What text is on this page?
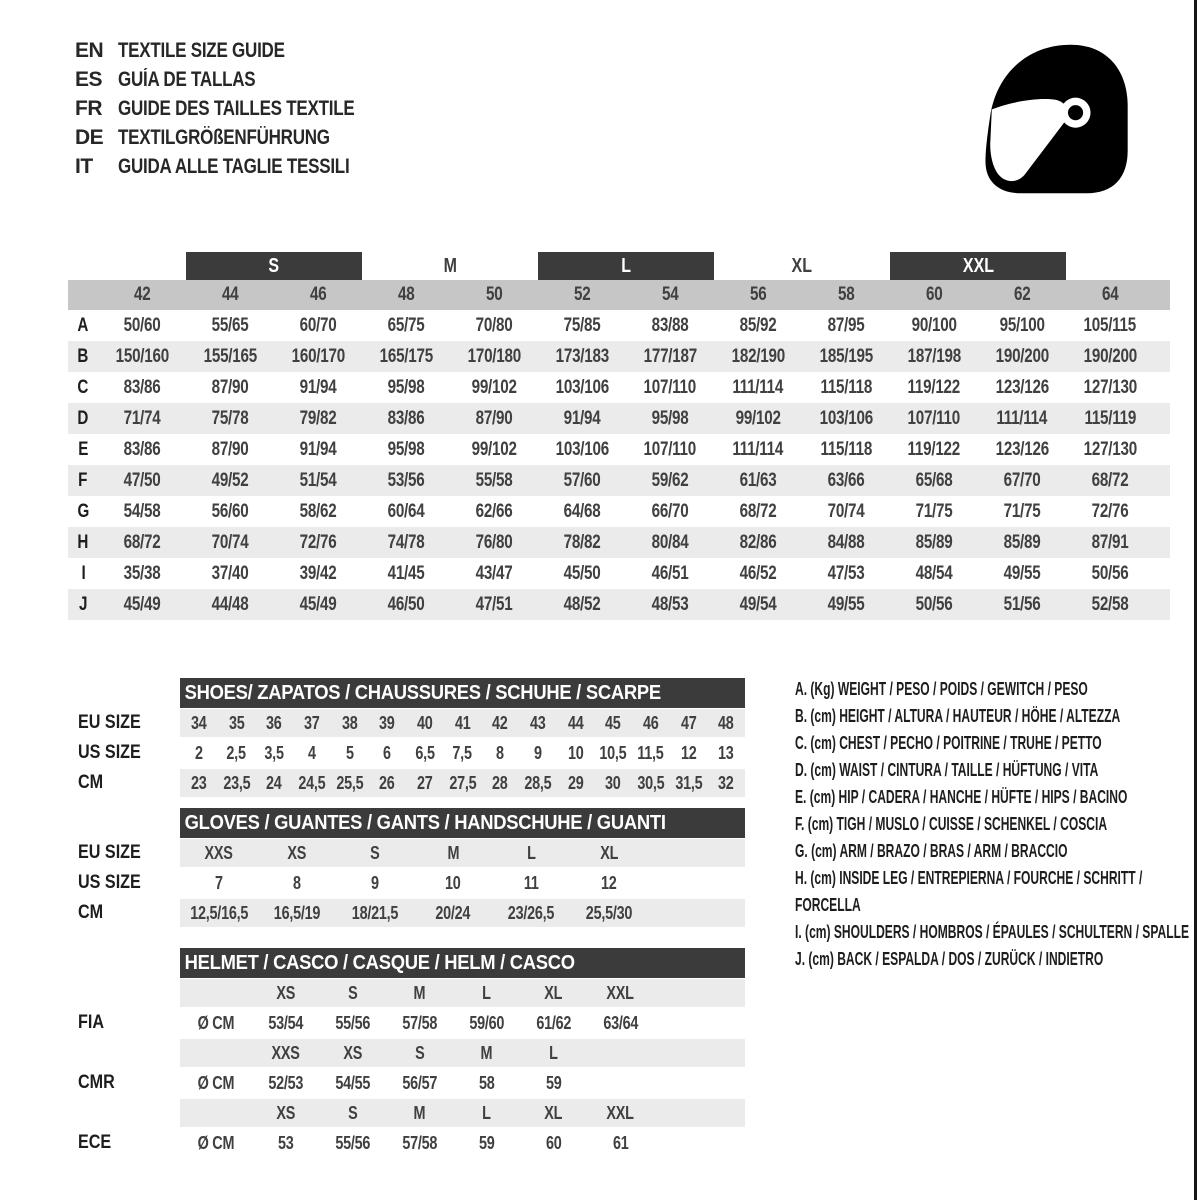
EN TEXTILE SIZE GUIDE
ES GUÍA DE TALLAS
FR GUIDE DES TAILLES TEXTILE
DE TEXTILGRÖßENFÜHRUNG
IT	GUIDA ALLE TAGLIE TESSILI
S	M	L	XL	XXL
42	44	46	48	50	52	54	56	58	60	62	64
A 50/60	55/65	60/70	65/75	70/80	75/85	83/88	85/92	87/95 90/100 95/100 105/115
B 150/160 155/165 160/170 165/175 170/180 173/183 177/187 182/190 185/195 187/198 190/200 190/200
C 83/86	87/90	91/94	95/98 99/102 103/106 107/110 111/114 115/118 119/122 123/126 127/130
D 71/74	75/78	79/82	83/86	87/90	91/94	95/98 99/102 103/106 107/110 111/114 115/119
E 83/86	87/90	91/94	95/98 99/102 103/106 107/110 111/114 115/118 119/122 123/126 127/130
F 47/50	49/52	51/54	53/56	55/58	57/60	59/62	61/63	63/66	65/68	67/70	68/72
G 54/58	56/60	58/62	60/64	62/66	64/68	66/70	68/72	70/74	71/75	71/75	72/76
H 68/72	70/74	72/76	74/78	76/80	78/82	80/84	82/86	84/88	85/89	85/89	87/91
I 35/38	37/40	39/42	41/45	43/47	45/50	46/51	46/52	47/53	48/54	49/55	50/56
J 45/49	44/48	45/49	46/50	47/51	48/52	48/53	49/54	49/55	50/56	51/56	52/58
SHOES/ ZAPATOS / CHAUSSURES / SCHUHE / SCARPE
EU SIZE	34 35 36 37 38 39 40 41 42 43 44 45 46 47 48
US SIZE	2 2,5 3,5 4 5 6 6,5 7,5 8 9 10 10,5 11,5 12 13
CM	23 23,5 24 24,5 25,5 26 27 27,5 28 28,5 29 30 30,5 31,5 32
GLOVES / GUANTES / GANTS / HANDSCHUHE / GUANTI
EU SIZE	XXS	XS	S	M	L	XL
US SIZE	7	8	9	10	11	12
CM	12,5/16,5 16,5/19 18/21,5 20/24 23/26,5 25,5/30
HELMET / CASCO / CASQUE / HELM / CASCO
XS	S	M	L	XL XXL
FIA	Ø CM 53/54 55/56 57/58 59/60 61/62 63/64
XXS XS	S	M	L
CMR	Ø CM 52/53 54/55 56/57 58	59
XS	S	M	L	XL XXL
ECE	Ø CM 53 55/56 57/58 59	60	61
A. (Kg) WEIGHT / PESO / POIDS / GEWITCH / PESO
B. (cm) HEIGHT / ALTURA / HAUTEUR / HÖHE / ALTEZZA
C. (cm) CHEST / PECHO / POITRINE / TRUHE / PETTO
D. (cm) WAIST / CINTURA / TAILLE / HÜFTUNG / VITA
E. (cm) HIP / CADERA / HANCHE / HÜFTE / HIPS / BACINO
F. (cm) TIGH / MUSLO / CUISSE / SCHENKEL / COSCIA
G. (cm) ARM / BRAZO / BRAS / ARM / BRACCIO
H. (cm) INSIDE LEG / ENTREPIERNA / FOURCHE / SCHRITT / FORCELLA
I. (cm) SHOULDERS / HOMBROS / ÉPAULES / SCHULTERN / SPALLE
J. (cm) BACK / ESPALDA / DOS / ZURÜCK / INDIETRO
